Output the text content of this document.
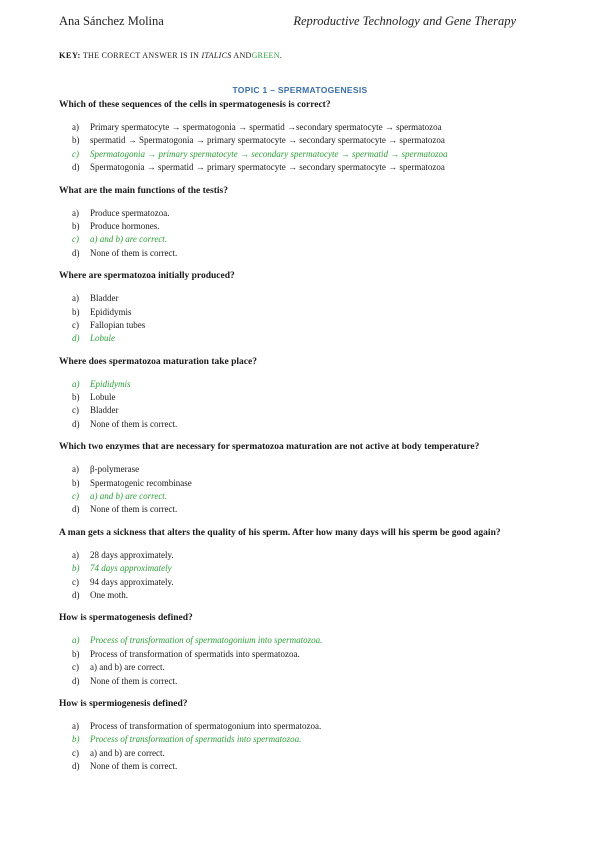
Ana Sánchez Molina	Reproductive Technology and Gene Therapy
KEY: THE CORRECT ANSWER IS IN ITALICS ANDGREEN.
TOPIC 1 – SPERMATOGENESIS

Which of these sequences of the cells in spermatogenesis is correct?

a) Primary spermatocyte → spermatogonia → spermatid →secondary spermatocyte → spermatozoa
b) spermatid → Spermatogonia → primary spermatocyte → secondary spermatocyte → spermatozoa
c) Spermatogonia → primary spermatocyte → secondary spermatocyte → spermatid → spermatozoa
d) Spermatogonia → spermatid → primary spermatocyte → secondary spermatocyte → spermatozoa

What are the main functions of the testis?

a) Produce spermatozoa.
b) Produce hormones.
c) a) and b) are correct.
d) None of them is correct.

Where are spermatozoa initially produced?

a) Bladder
b) Epididymis
c) Fallopian tubes
d) Lobule

Where does spermatozoa maturation take place?

a) Epididymis
b) Lobule
c) Bladder
d) None of them is correct.

Which two enzymes that are necessary for spermatozoa maturation are not active at body temperature?

a) β-polymerase
b) Spermatogenic recombinase
c) a) and b) are correct.
d) None of them is correct.

A man gets a sickness that alters the quality of his sperm. After how many days will his sperm be good again?

a) 28 days approximately.
b) 74 days approximately
c) 94 days approximately.
d) One moth.

How is spermatogenesis defined?

a) Process of transformation of spermatogonium into spermatozoa.
b) Process of transformation of spermatids into spermatozoa.
c) a) and b) are correct.
d) None of them is correct.

How is spermiogenesis defined?

a) Process of transformation of spermatogonium into spermatozoa.
b) Process of transformation of spermatids into spermatozoa.
c) a) and b) are correct.
d) None of them is correct.
